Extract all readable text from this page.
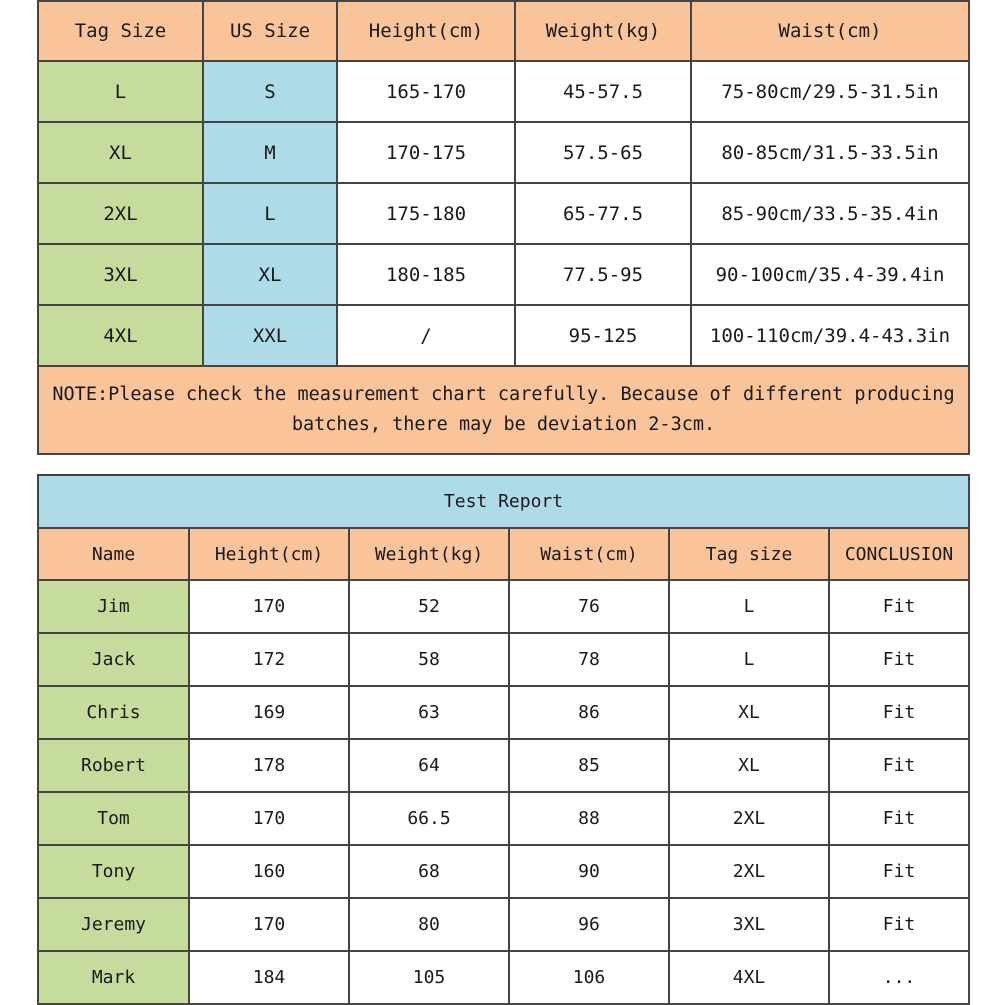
Tag Size	US Size	Height(cm)	Weight(kg)	Waist(cm)
L	S	165-170	45-57.5	75-80cm/29.5-31.5in
XL	M	170-175	57.5-65	80-85cm/31.5-33.5in
2XL	L	175-180	65-77.5	85-90cm/33.5-35.4in
3XL	XL	180-185	77.5-95	90-100cm/35.4-39.4in
4XL	XXL	/	95-125	100-110cm/39.4-43.3in
NOTE:Please check the measurement chart carefully. Because of different producing batches, there may be deviation 2-3cm.				
Test Report					
Name	Height(cm)	Weight(kg)	Waist(cm)	Tag size	CONCLUSION
Jim	170	52	76	L	Fit
Jack	172	58	78	L	Fit
Chris	169	63	86	XL	Fit
Robert	178	64	85	XL	Fit
Tom	170	66.5	88	2XL	Fit
Tony	160	68	90	2XL	Fit
Jeremy	170	80	96	3XL	Fit
Mark	184	105	106	4XL	...
